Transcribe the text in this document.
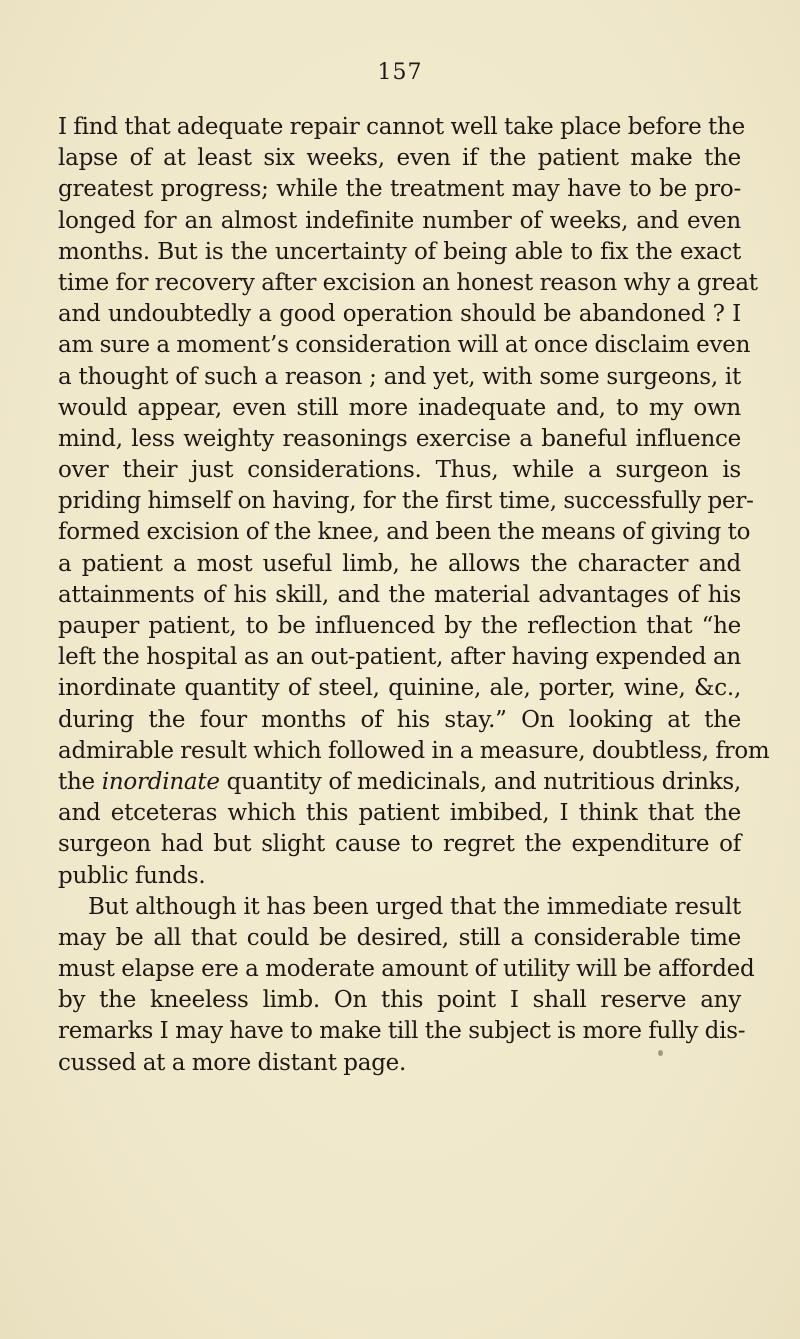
157
I find that adequate repair cannot well take place before the
lapse of at least six weeks, even if the patient make the
greatest progress; while the treatment may have to be pro-
longed for an almost indefinite number of weeks, and even
months. But is the uncertainty of being able to fix the exact
time for recovery after excision an honest reason why a great
and undoubtedly a good operation should be abandoned ? I
am sure a moment’s consideration will at once disclaim even
a thought of such a reason ; and yet, with some surgeons, it
would appear, even still more inadequate and, to my own
mind, less weighty reasonings exercise a baneful influence
over their just considerations. Thus, while a surgeon is
priding himself on having, for the first time, successfully per-
formed excision of the knee, and been the means of giving to
a patient a most useful limb, he allows the character and
attainments of his skill, and the material advantages of his
pauper patient, to be influenced by the reflection that “he
left the hospital as an out-patient, after having expended an
inordinate quantity of steel, quinine, ale, porter, wine, &c.,
during the four months of his stay.” On looking at the
admirable result which followed in a measure, doubtless, from
the inordinate quantity of medicinals, and nutritious drinks,
and etceteras which this patient imbibed, I think that the
surgeon had but slight cause to regret the expenditure of
public funds.
But although it has been urged that the immediate result
may be all that could be desired, still a considerable time
must elapse ere a moderate amount of utility will be afforded
by the kneeless limb. On this point I shall reserve any
remarks I may have to make till the subject is more fully dis-
cussed at a more distant page.
